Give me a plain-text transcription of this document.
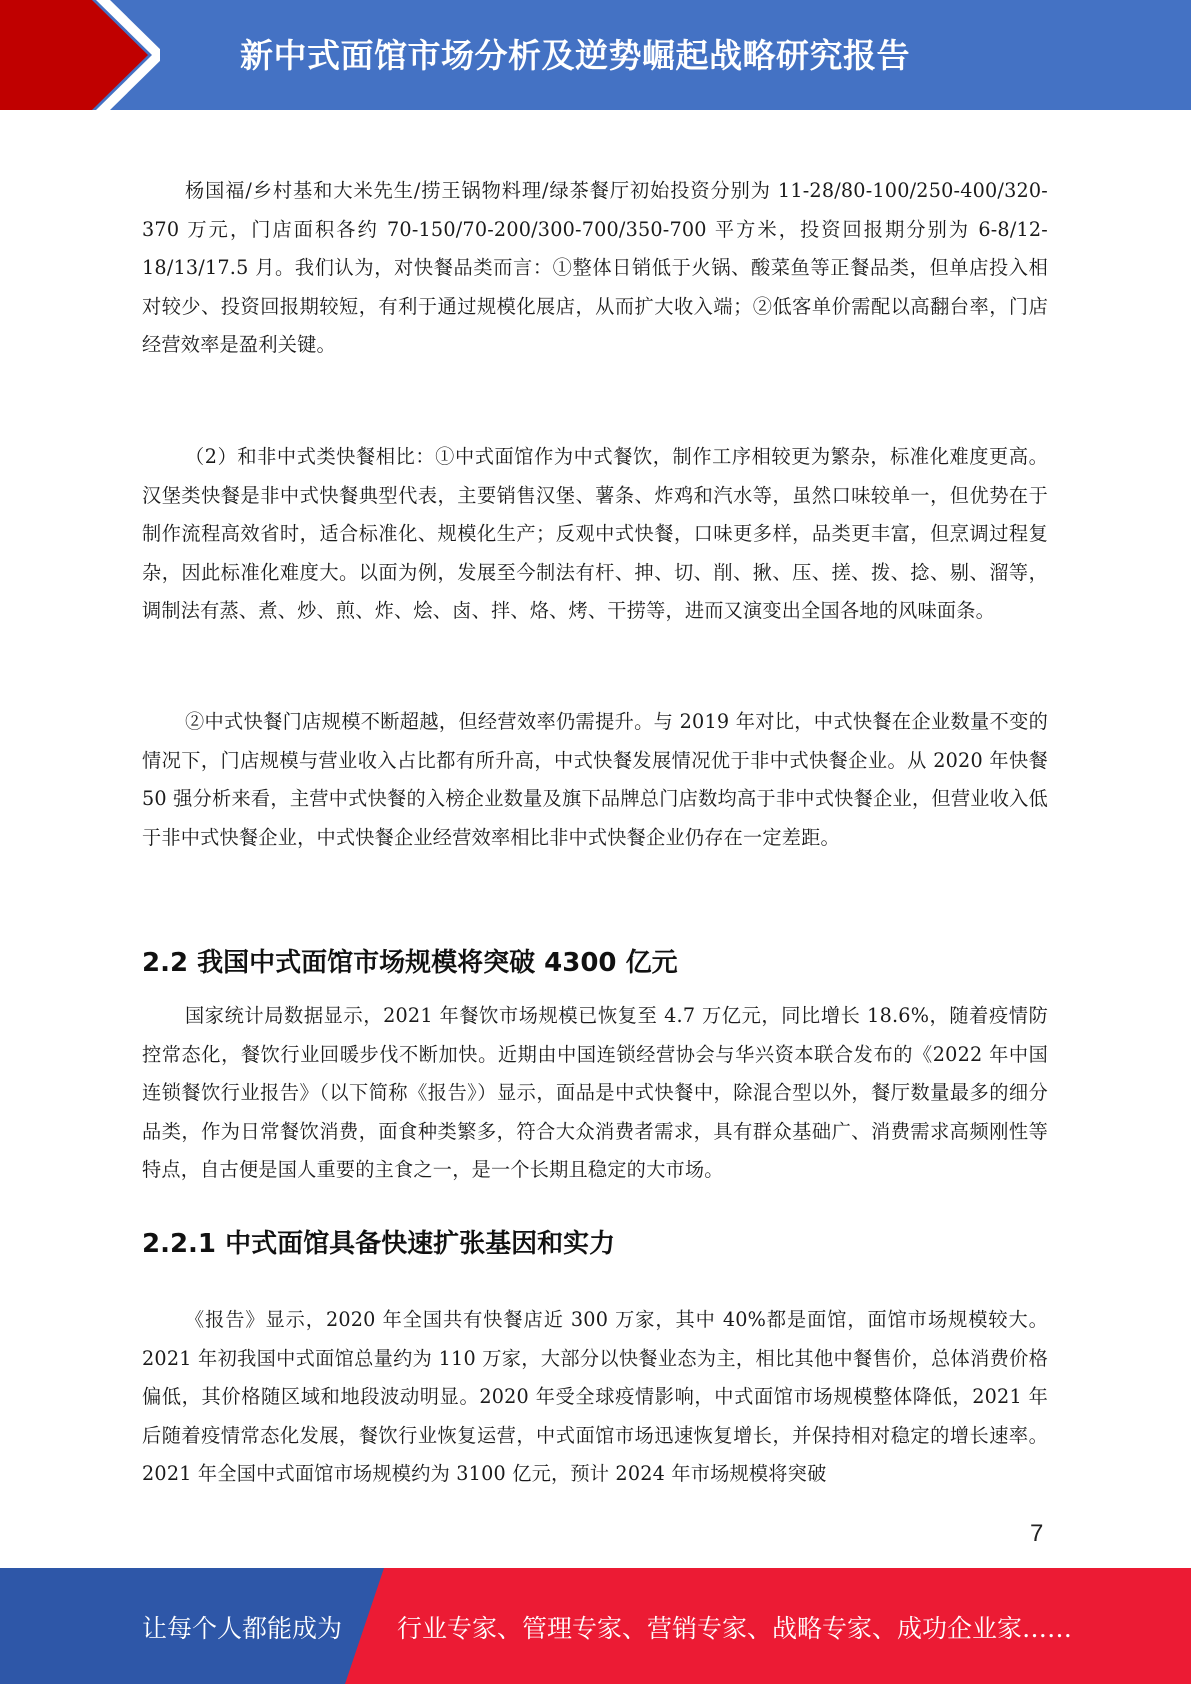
新中式面馆市场分析及逆势崛起战略研究报告

杨国福/乡村基和大米先生/捞王锅物料理/绿茶餐厅初始投资分别为 11-28/80-100/250-400/320-370 万元，门店面积各约 70-150/70-200/300-700/350-700 平方米，投资回报期分别为 6-8/12-18/13/17.5 月。我们认为，对快餐品类而言：①整体日销低于火锅、酸菜鱼等正餐品类，但单店投入相对较少、投资回报期较短，有利于通过规模化展店，从而扩大收入端；②低客单价需配以高翻台率，门店经营效率是盈利关键。

（2）和非中式类快餐相比：①中式面馆作为中式餐饮，制作工序相较更为繁杂，标准化难度更高。汉堡类快餐是非中式快餐典型代表，主要销售汉堡、薯条、炸鸡和汽水等，虽然口味较单一，但优势在于制作流程高效省时，适合标准化、规模化生产；反观中式快餐，口味更多样，品类更丰富，但烹调过程复杂，因此标准化难度大。以面为例，发展至今制法有杆、抻、切、削、揪、压、搓、拨、捻、剔、溜等，调制法有蒸、煮、炒、煎、炸、烩、卤、拌、烙、烤、干捞等，进而又演变出全国各地的风味面条。

②中式快餐门店规模不断超越，但经营效率仍需提升。与 2019 年对比，中式快餐在企业数量不变的情况下，门店规模与营业收入占比都有所升高，中式快餐发展情况优于非中式快餐企业。从 2020 年快餐 50 强分析来看，主营中式快餐的入榜企业数量及旗下品牌总门店数均高于非中式快餐企业，但营业收入低于非中式快餐企业，中式快餐企业经营效率相比非中式快餐企业仍存在一定差距。

2.2 我国中式面馆市场规模将突破 4300 亿元

国家统计局数据显示，2021 年餐饮市场规模已恢复至 4.7 万亿元，同比增长 18.6%，随着疫情防控常态化，餐饮行业回暖步伐不断加快。近期由中国连锁经营协会与华兴资本联合发布的《2022 年中国连锁餐饮行业报告》（以下简称《报告》）显示，面品是中式快餐中，除混合型以外，餐厅数量最多的细分品类，作为日常餐饮消费，面食种类繁多，符合大众消费者需求，具有群众基础广、消费需求高频刚性等特点，自古便是国人重要的主食之一，是一个长期且稳定的大市场。

2.2.1 中式面馆具备快速扩张基因和实力

《报告》显示，2020 年全国共有快餐店近 300 万家，其中 40%都是面馆，面馆市场规模较大。2021 年初我国中式面馆总量约为 110 万家，大部分以快餐业态为主，相比其他中餐售价，总体消费价格偏低，其价格随区域和地段波动明显。2020 年受全球疫情影响，中式面馆市场规模整体降低，2021 年后随着疫情常态化发展，餐饮行业恢复运营，中式面馆市场迅速恢复增长，并保持相对稳定的增长速率。2021 年全国中式面馆市场规模约为 3100 亿元，预计 2024 年市场规模将突破

7
让每个人都能成为 行业专家、管理专家、营销专家、战略专家、成功企业家……
